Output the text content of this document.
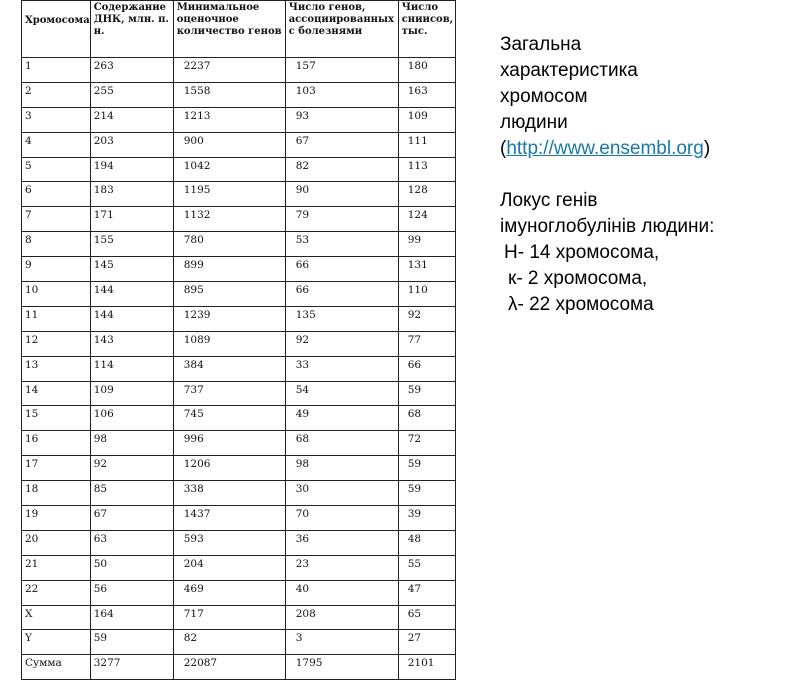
Хромосома	Содержание ДНК, млн. п. н.	Минимальное оценочное количество генов	Число генов, ассоциированных с болезнями	Число сниисов, тыс.
1	263	2237	157	180
2	255	1558	103	163
3	214	1213	93	109
4	203	900	67	111
5	194	1042	82	113
6	183	1195	90	128
7	171	1132	79	124
8	155	780	53	99
9	145	899	66	131
10	144	895	66	110
11	144	1239	135	92
12	143	1089	92	77
13	114	384	33	66
14	109	737	54	59
15	106	745	49	68
16	98	996	68	72
17	92	1206	98	59
18	85	338	30	59
19	67	1437	70	39
20	63	593	36	48
21	50	204	23	55
22	56	469	40	47
X	164	717	208	65
Y	59	82	3	27
Сумма	3277	22087	1795	2101
Загальна
характеристика
хромосом
людини
(http://www.ensembl.org)
Локус генів
імуноглобулінів людини:
Н- 14 хромосома,
к- 2 хромосома,
λ- 22 хромосома
